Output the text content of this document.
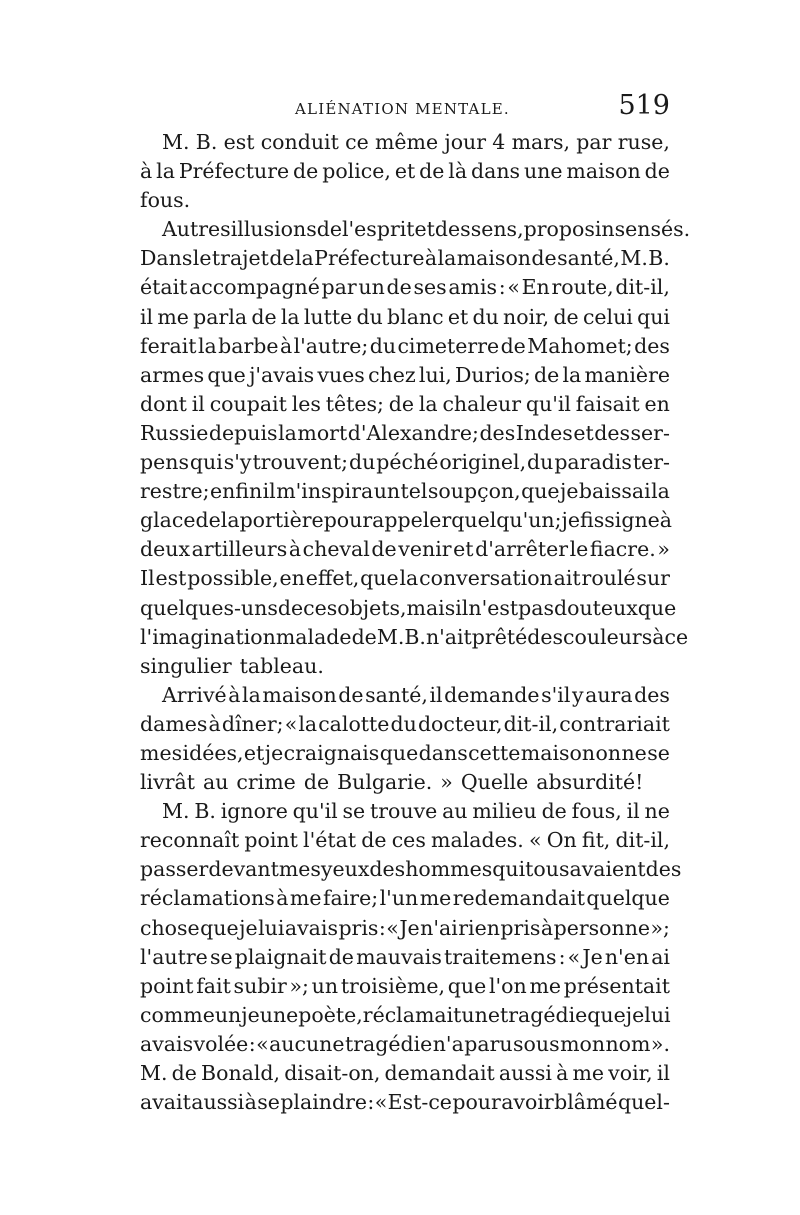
ALIÉNATION MENTALE.	519
M. B. est conduit ce même jour 4 mars, par ruse,
à la Préfecture de police, et de là dans une maison de
fous.
Autres illusions de l'esprit et des sens, propos insensés.
Dans le trajet de la Préfecture à la maison de santé, M. B.
était accompagné par un de ses amis : « En route, dit-il,
il me parla de la lutte du blanc et du noir, de celui qui
ferait la barbe à l'autre; du cimeterre de Mahomet; des
armes que j'avais vues chez lui, Durios; de la manière
dont il coupait les têtes; de la chaleur qu'il faisait en
Russie depuis la mort d'Alexandre; des Indes et des ser-
pens qui s'y trouvent; du péché originel, du paradis ter-
restre; enfin il m'inspira un tel soupçon, que je baissai la
glace de la portière pour appeler quelqu'un; je fis signe à
deux artilleurs à cheval de venir et d'arrêter le fiacre. »
Il est possible, en effet, que la conversation ait roulé sur
quelques-uns de ces objets, mais il n'est pas douteux que
l'imagination malade de M. B. n'ait prêté des couleurs à ce
singulier tableau.
Arrivé à la maison de santé, il demande s'il y aura des
dames à dîner; « la calotte du docteur, dit-il, contrariait
mes idées, et je craignais que dans cette maison on ne se
livrât au crime de Bulgarie. » Quelle absurdité!
M. B. ignore qu'il se trouve au milieu de fous, il ne
reconnaît point l'état de ces malades. « On fit, dit-il,
passer devant mes yeux des hommes qui tous avaient des
réclamations à me faire; l'un me redemandait quelque
chose que je lui avais pris : « Je n'ai rien pris à personne »;
l'autre se plaignait de mauvais traitemens : « Je n'en ai
point fait subir »; un troisième, que l'on me présentait
comme un jeune poète, réclamait une tragédie que je lui
avais volée : « aucune tragédie n'a paru sous mon nom ».
M. de Bonald, disait-on, demandait aussi à me voir, il
avait aussi à se plaindre : « Est-ce pour avoir blâmé quel-
